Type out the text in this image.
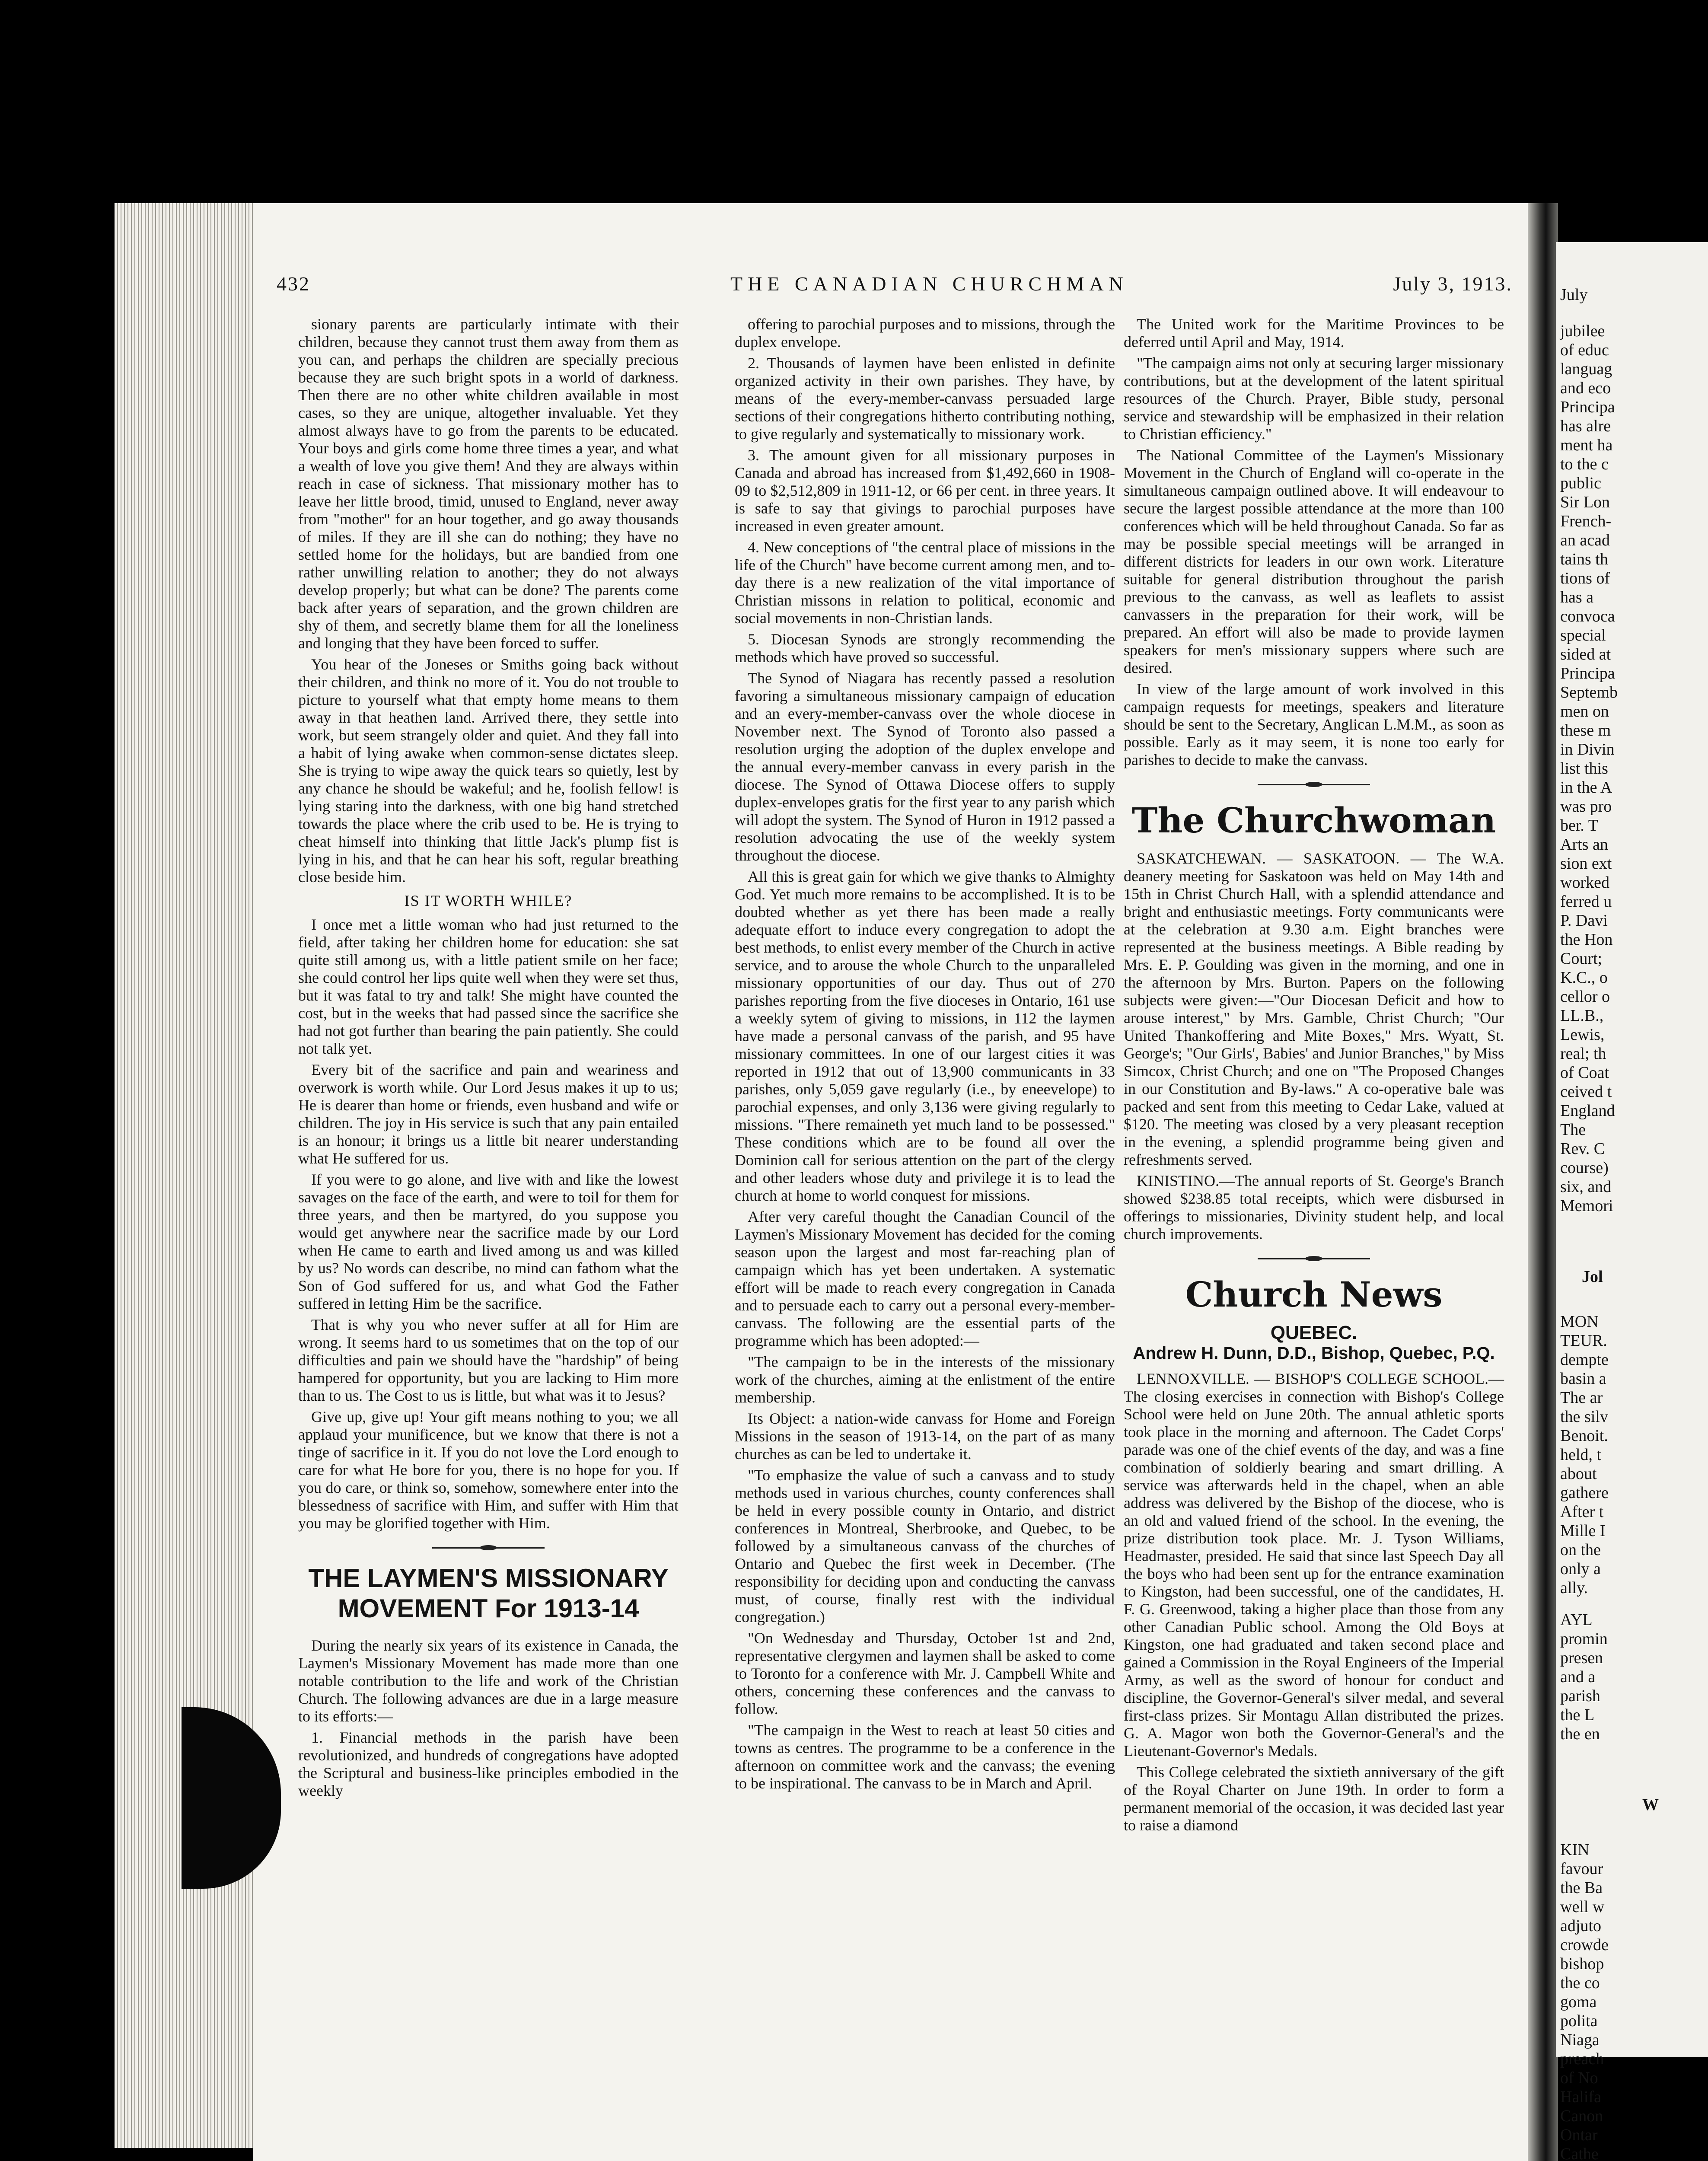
July
jubilee
of educ
languag
and eco
Principa
has alre
ment ha
to the c
public
Sir Lon
French-
an acad
tains th
tions of
has a
convoca
special
sided at
Principa
Septemb
men on
these m
in Divin
list this
in the A
was pro
ber. T
Arts an
sion ext
worked
ferred u
P. Davi
the Hon
Court;
K.C., o
cellor o
LL.B.,
Lewis,
real; th
of Coat
ceived t
England
The
Rev. C
course)
six, and
Memori
Jol
MON
TEUR.
dempte
basin a
The ar
the silv
Benoit.
held, t
about
gathere
After t
Mille I
on the
only a
ally.
AYL
promin
presen
and a
parish
the L
the en
W
KIN
favour
the Ba
well w
adjuto
crowde
bishop
the co
goma
polita
Niaga
preach
of No
Halifa
Canon
Ontar
Cathe
432	THE CANADIAN CHURCHMAN	July 3, 1913.

sionary parents are particularly intimate with their children, because they cannot trust them away from them as you can, and perhaps the children are specially precious because they are such bright spots in a world of darkness. Then there are no other white children available in most cases, so they are unique, altogether invaluable. Yet they almost always have to go from the parents to be educated. Your boys and girls come home three times a year, and what a wealth of love you give them! And they are always within reach in case of sickness. That missionary mother has to leave her little brood, timid, unused to England, never away from "mother" for an hour together, and go away thousands of miles. If they are ill she can do nothing; they have no settled home for the holidays, but are bandied from one rather unwilling relation to another; they do not always develop properly; but what can be done? The parents come back after years of separation, and the grown children are shy of them, and secretly blame them for all the loneliness and longing that they have been forced to suffer.

You hear of the Joneses or Smiths going back without their children, and think no more of it. You do not trouble to picture to yourself what that empty home means to them away in that heathen land. Arrived there, they settle into work, but seem strangely older and quiet. And they fall into a habit of lying awake when common-sense dictates sleep. She is trying to wipe away the quick tears so quietly, lest by any chance he should be wakeful; and he, foolish fellow! is lying staring into the darkness, with one big hand stretched towards the place where the crib used to be. He is trying to cheat himself into thinking that little Jack's plump fist is lying in his, and that he can hear his soft, regular breathing close beside him.

IS IT WORTH WHILE?

I once met a little woman who had just returned to the field, after taking her children home for education: she sat quite still among us, with a little patient smile on her face; she could control her lips quite well when they were set thus, but it was fatal to try and talk! She might have counted the cost, but in the weeks that had passed since the sacrifice she had not got further than bearing the pain patiently. She could not talk yet.

Every bit of the sacrifice and pain and weariness and overwork is worth while. Our Lord Jesus makes it up to us; He is dearer than home or friends, even husband and wife or children. The joy in His service is such that any pain entailed is an honour; it brings us a little bit nearer understanding what He suffered for us.

If you were to go alone, and live with and like the lowest savages on the face of the earth, and were to toil for them for three years, and then be martyred, do you suppose you would get anywhere near the sacrifice made by our Lord when He came to earth and lived among us and was killed by us? No words can describe, no mind can fathom what the Son of God suffered for us, and what God the Father suffered in letting Him be the sacrifice.

That is why you who never suffer at all for Him are wrong. It seems hard to us sometimes that on the top of our difficulties and pain we should have the "hardship" of being hampered for opportunity, but you are lacking to Him more than to us. The Cost to us is little, but what was it to Jesus?

Give up, give up! Your gift means nothing to you; we all applaud your munificence, but we know that there is not a tinge of sacrifice in it. If you do not love the Lord enough to care for what He bore for you, there is no hope for you. If you do care, or think so, somehow, somewhere enter into the blessedness of sacrifice with Him, and suffer with Him that you may be glorified together with Him.

THE LAYMEN'S MISSIONARY MOVEMENT For 1913-14

During the nearly six years of its existence in Canada, the Laymen's Missionary Movement has made more than one notable contribution to the life and work of the Christian Church. The following advances are due in a large measure to its efforts:—

1. Financial methods in the parish have been revolutionized, and hundreds of congregations have adopted the Scriptural and business-like principles embodied in the weekly

offering to parochial purposes and to missions, through the duplex envelope.

2. Thousands of laymen have been enlisted in definite organized activity in their own parishes. They have, by means of the every-member-canvass persuaded large sections of their congregations hitherto contributing nothing, to give regularly and systematically to missionary work.

3. The amount given for all missionary purposes in Canada and abroad has increased from $1,492,660 in 1908-09 to $2,512,809 in 1911-12, or 66 per cent. in three years. It is safe to say that givings to parochial purposes have increased in even greater amount.

4. New conceptions of "the central place of missions in the life of the Church" have become current among men, and to-day there is a new realization of the vital importance of Christian missons in relation to political, economic and social movements in non-Christian lands.

5. Diocesan Synods are strongly recommending the methods which have proved so successful.

The Synod of Niagara has recently passed a resolution favoring a simultaneous missionary campaign of education and an every-member-canvass over the whole diocese in November next. The Synod of Toronto also passed a resolution urging the adoption of the duplex envelope and the annual every-member canvass in every parish in the diocese. The Synod of Ottawa Diocese offers to supply duplex-envelopes gratis for the first year to any parish which will adopt the system. The Synod of Huron in 1912 passed a resolution advocating the use of the weekly system throughout the diocese.

All this is great gain for which we give thanks to Almighty God. Yet much more remains to be accomplished. It is to be doubted whether as yet there has been made a really adequate effort to induce every congregation to adopt the best methods, to enlist every member of the Church in active service, and to arouse the whole Church to the unparalleled missionary opportunities of our day. Thus out of 270 parishes reporting from the five dioceses in Ontario, 161 use a weekly sytem of giving to missions, in 112 the laymen have made a personal canvass of the parish, and 95 have missionary committees. In one of our largest cities it was reported in 1912 that out of 13,900 communicants in 33 parishes, only 5,059 gave regularly (i.e., by eneevelope) to parochial expenses, and only 3,136 were giving regularly to missions. "There remaineth yet much land to be possessed." These conditions which are to be found all over the Dominion call for serious attention on the part of the clergy and other leaders whose duty and privilege it is to lead the church at home to world conquest for missions.

After very careful thought the Canadian Council of the Laymen's Missionary Movement has decided for the coming season upon the largest and most far-reaching plan of campaign which has yet been undertaken. A systematic effort will be made to reach every congregation in Canada and to persuade each to carry out a personal every-member-canvass. The following are the essential parts of the programme which has been adopted:—

"The campaign to be in the interests of the missionary work of the churches, aiming at the enlistment of the entire membership.

Its Object: a nation-wide canvass for Home and Foreign Missions in the season of 1913-14, on the part of as many churches as can be led to undertake it.

"To emphasize the value of such a canvass and to study methods used in various churches, county conferences shall be held in every possible county in Ontario, and district conferences in Montreal, Sherbrooke, and Quebec, to be followed by a simultaneous canvass of the churches of Ontario and Quebec the first week in December. (The responsibility for deciding upon and conducting the canvass must, of course, finally rest with the individual congregation.)

"On Wednesday and Thursday, October 1st and 2nd, representative clergymen and laymen shall be asked to come to Toronto for a conference with Mr. J. Campbell White and others, concerning these conferences and the canvass to follow.

"The campaign in the West to reach at least 50 cities and towns as centres. The programme to be a conference in the afternoon on committee work and the canvass; the evening to be inspirational. The canvass to be in March and April.

The United work for the Maritime Provinces to be deferred until April and May, 1914.

"The campaign aims not only at securing larger missionary contributions, but at the development of the latent spiritual resources of the Church. Prayer, Bible study, personal service and stewardship will be emphasized in their relation to Christian efficiency."

The National Committee of the Laymen's Missionary Movement in the Church of England will co-operate in the simultaneous campaign outlined above. It will endeavour to secure the largest possible attendance at the more than 100 conferences which will be held throughout Canada. So far as may be possible special meetings will be arranged in different districts for leaders in our own work. Literature suitable for general distribution throughout the parish previous to the canvass, as well as leaflets to assist canvassers in the preparation for their work, will be prepared. An effort will also be made to provide laymen speakers for men's missionary suppers where such are desired.

In view of the large amount of work involved in this campaign requests for meetings, speakers and literature should be sent to the Secretary, Anglican L.M.M., as soon as possible. Early as it may seem, it is none too early for parishes to decide to make the canvass.

The Churchwoman

SASKATCHEWAN. — SASKATOON. — The W.A. deanery meeting for Saskatoon was held on May 14th and 15th in Christ Church Hall, with a splendid attendance and bright and enthusiastic meetings. Forty communicants were at the celebration at 9.30 a.m. Eight branches were represented at the business meetings. A Bible reading by Mrs. E. P. Goulding was given in the morning, and one in the afternoon by Mrs. Burton. Papers on the following subjects were given:—"Our Diocesan Deficit and how to arouse interest," by Mrs. Gamble, Christ Church; "Our United Thankoffering and Mite Boxes," Mrs. Wyatt, St. George's; "Our Girls', Babies' and Junior Branches," by Miss Simcox, Christ Church; and one on "The Proposed Changes in our Constitution and By-laws." A co-operative bale was packed and sent from this meeting to Cedar Lake, valued at $120. The meeting was closed by a very pleasant reception in the evening, a splendid programme being given and refreshments served.

KINISTINO.—The annual reports of St. George's Branch showed $238.85 total receipts, which were disbursed in offerings to missionaries, Divinity student help, and local church improvements.

Church News
QUEBEC.
Andrew H. Dunn, D.D., Bishop, Quebec, P.Q.

LENNOXVILLE. — BISHOP'S COLLEGE SCHOOL.—The closing exercises in connection with Bishop's College School were held on June 20th. The annual athletic sports took place in the morning and afternoon. The Cadet Corps' parade was one of the chief events of the day, and was a fine combination of soldierly bearing and smart drilling. A service was afterwards held in the chapel, when an able address was delivered by the Bishop of the diocese, who is an old and valued friend of the school. In the evening, the prize distribution took place. Mr. J. Tyson Williams, Headmaster, presided. He said that since last Speech Day all the boys who had been sent up for the entrance examination to Kingston, had been successful, one of the candidates, H. F. G. Greenwood, taking a higher place than those from any other Canadian Public school. Among the Old Boys at Kingston, one had graduated and taken second place and gained a Commission in the Royal Engineers of the Imperial Army, as well as the sword of honour for conduct and discipline, the Governor-General's silver medal, and several first-class prizes. Sir Montagu Allan distributed the prizes. G. A. Magor won both the Governor-General's and the Lieutenant-Governor's Medals.

This College celebrated the sixtieth anniversary of the gift of the Royal Charter on June 19th. In order to form a permanent memorial of the occasion, it was decided last year to raise a diamond
